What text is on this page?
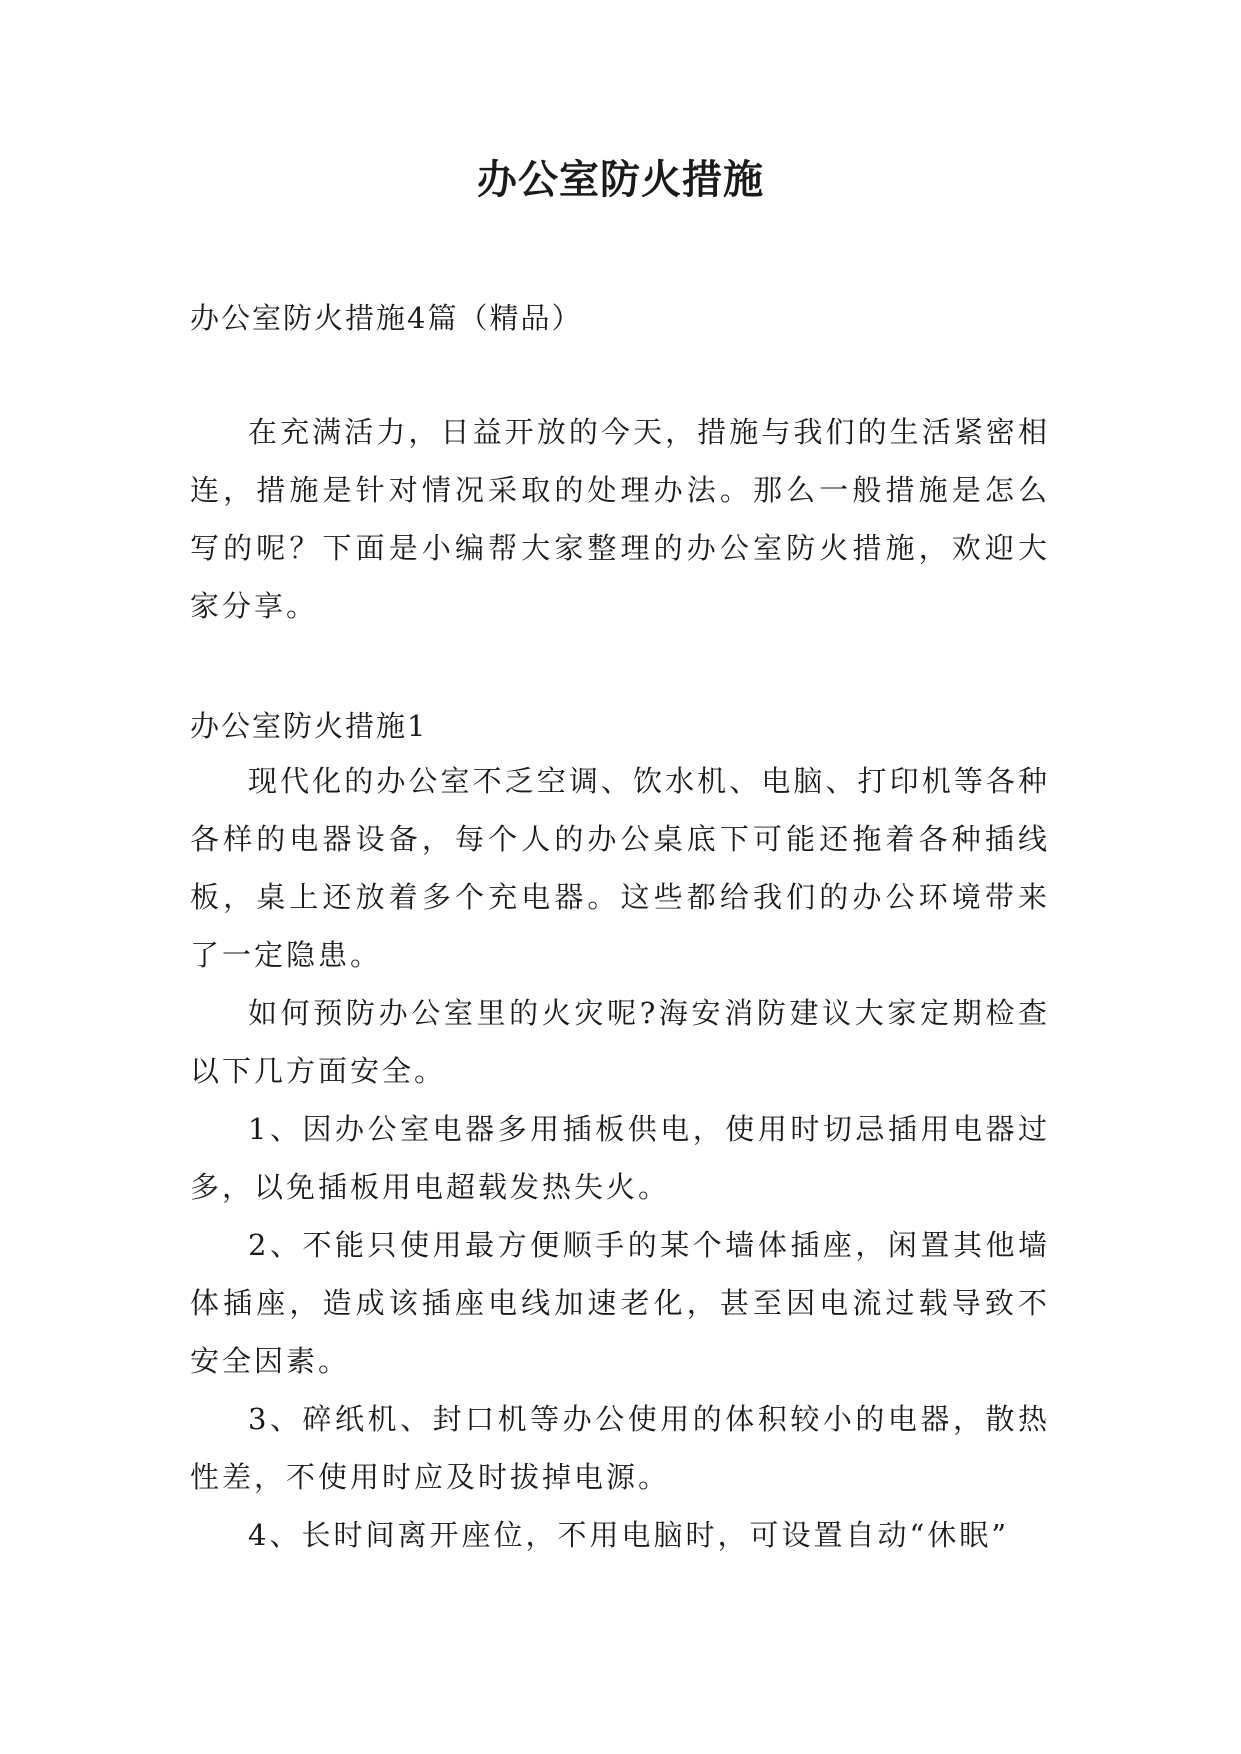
办公室防火措施
办公室防火措施4篇（精品）

在充满活力，日益开放的今天，措施与我们的生活紧密相连，措施是针对情况采取的处理办法。那么一般措施是怎么写的呢？下面是小编帮大家整理的办公室防火措施，欢迎大家分享。

办公室防火措施1

现代化的办公室不乏空调、饮水机、电脑、打印机等各种各样的电器设备，每个人的办公桌底下可能还拖着各种插线板，桌上还放着多个充电器。这些都给我们的办公环境带来了一定隐患。

如何预防办公室里的火灾呢?海安消防建议大家定期检查以下几方面安全。

1、因办公室电器多用插板供电，使用时切忌插用电器过多，以免插板用电超载发热失火。

2、不能只使用最方便顺手的某个墙体插座，闲置其他墙体插座，造成该插座电线加速老化，甚至因电流过载导致不安全因素。

3、碎纸机、封口机等办公使用的体积较小的电器，散热性差，不使用时应及时拔掉电源。

4、长时间离开座位，不用电脑时，可设置自动“休眠”
